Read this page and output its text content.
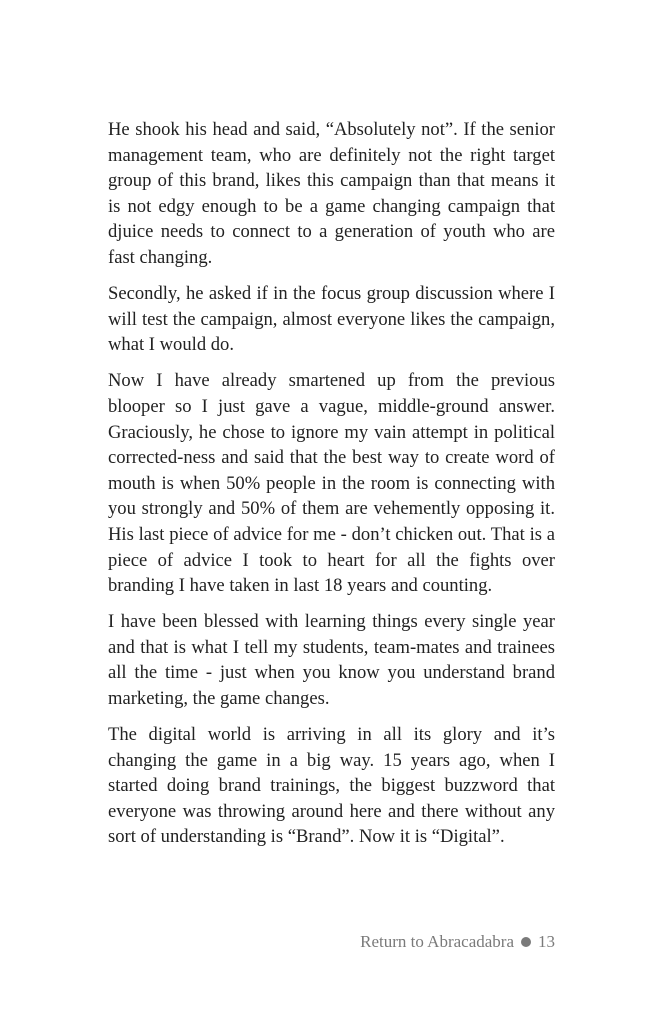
He shook his head and said, “Absolutely not”. If the senior management team, who are definitely not the right target group of this brand, likes this campaign than that means it is not edgy enough to be a game changing campaign that djuice needs to connect to a generation of youth who are fast changing.

Secondly, he asked if in the focus group discussion where I will test the campaign, almost everyone likes the campaign, what I would do.

Now I have already smartened up from the previous blooper so I just gave a vague, middle-ground answer. Graciously, he chose to ignore my vain attempt in political corrected-ness and said that the best way to create word of mouth is when 50% people in the room is connecting with you strongly and 50% of them are vehemently opposing it. His last piece of advice for me - don’t chicken out. That is a piece of advice I took to heart for all the fights over branding I have taken in last 18 years and counting.

I have been blessed with learning things every single year and that is what I tell my students, team-mates and trainees all the time - just when you know you understand brand marketing, the game changes.

The digital world is arriving in all its glory and it’s changing the game in a big way. 15 years ago, when I started doing brand trainings, the biggest buzzword that everyone was throwing around here and there without any sort of understanding is “Brand”. Now it is “Digital”.

Return to Abracadabra 13
